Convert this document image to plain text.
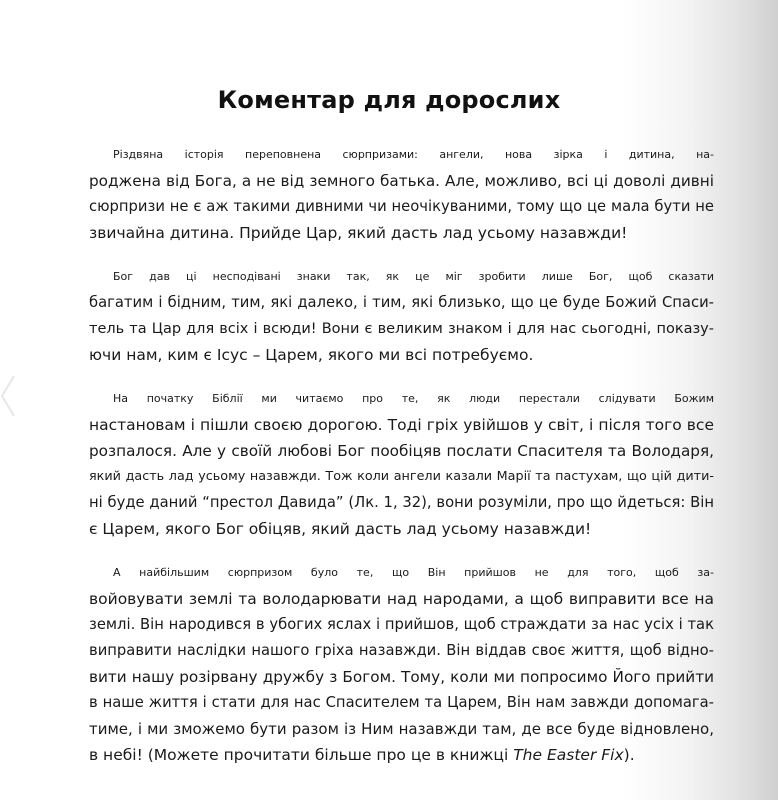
Коментар для дорослих

Різдвяна історія переповнена сюрпризами: ангели, нова зірка і дитина, на-
роджена від Бога, а не від земного батька. Але, можливо, всі ці доволі дивні
сюрпризи не є аж такими дивними чи неочікуваними, тому що це мала бути не
звичайна дитина. Прийде Цар, який дасть лад усьому назавжди!

Бог дав ці несподівані знаки так, як це міг зробити лише Бог, щоб сказати
багатим і бідним, тим, які далеко, і тим, які близько, що це буде Божий Спаси-
тель та Цар для всіх і всюди! Вони є великим знаком і для нас сьогодні, показу-
ючи нам, ким є Ісус – Царем, якого ми всі потребуємо.

На початку Біблії ми читаємо про те, як люди перестали слідувати Божим
настановам і пішли своєю дорогою. Тоді гріх увійшов у світ, і після того все
розпалося. Але у своїй любові Бог пообіцяв послати Спасителя та Володаря,
який дасть лад усьому назавжди. Тож коли ангели казали Марії та пастухам, що цій дити-
ні буде даний “престол Давида” (Лк. 1, 32), вони розуміли, про що йдеться: Він
є Царем, якого Бог обіцяв, який дасть лад усьому назавжди!

А найбільшим сюрпризом було те, що Він прийшов не для того, щоб за-
войовувати землі та володарювати над народами, а щоб виправити все на
землі. Він народився в убогих яслах і прийшов, щоб страждати за нас усіх і так
виправити наслідки нашого гріха назавжди. Він віддав своє життя, щоб відно-
вити нашу розірвану дружбу з Богом. Тому, коли ми попросимо Його прийти
в наше життя і стати для нас Спасителем та Царем, Він нам завжди допомага-
тиме, і ми зможемо бути разом із Ним назавжди там, де все буде відновлено,
в небі! (Можете прочитати більше про це в книжці The Easter Fix).
